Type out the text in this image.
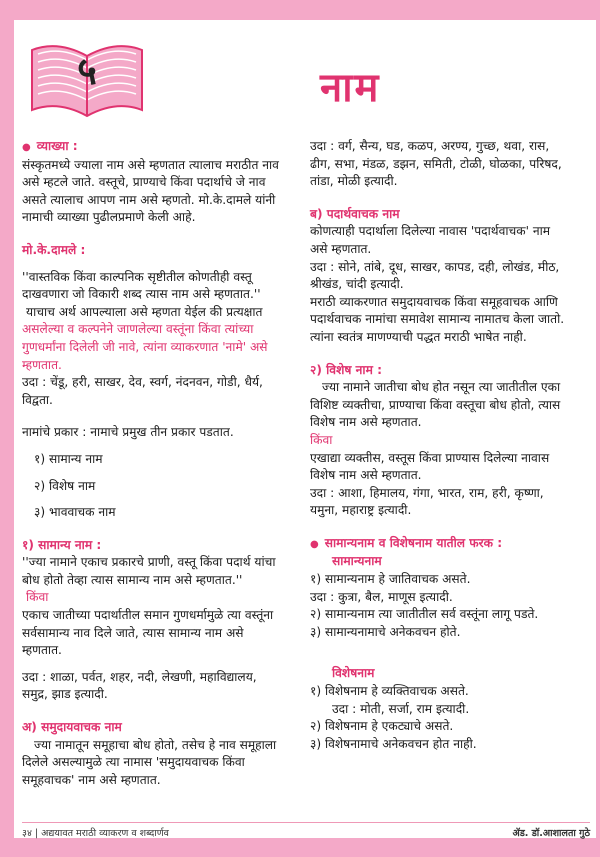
५	नाम

● व्याख्या :

संस्कृतमध्ये ज्याला नाम असे म्हणतात त्यालाच मराठीत नाव

असे म्हटले जाते. वस्तूचे, प्राण्याचे किंवा पदार्थाचे जे नाव

असते त्यालाच आपण नाम असे म्हणतो. मो.के.दामले यांनी

नामाची व्याख्या पुढीलप्रमाणे केली आहे.

मो.के.दामले :

''वास्तविक किंवा काल्पनिक सृष्टीतील कोणतीही वस्तू

दाखवणारा जो विकारी शब्द त्यास नाम असे म्हणतात.''

याचाच अर्थ आपल्याला असे म्हणता येईल की प्रत्यक्षात

असलेल्या व कल्पनेने जाणलेल्या वस्तूंना किंवा त्यांच्या

गुणधर्मांना दिलेली जी नावे, त्यांना व्याकरणात 'नामे' असे

म्हणतात.

उदा : चेंडू, हरी, साखर, देव, स्वर्ग, नंदनवन, गोडी, धैर्य,

विद्वता.

नामांचे प्रकार : नामाचे प्रमुख तीन प्रकार पडतात.

१) सामान्य नाम

२) विशेष नाम

३) भाववाचक नाम

१) सामान्य नाम :

''ज्या नामाने एकाच प्रकारचे प्राणी, वस्तू किंवा पदार्थ यांचा

बोध होतो तेव्हा त्यास सामान्य नाम असे म्हणतात.''

किंवा

एकाच जातीच्या पदार्थातील समान गुणधर्मामुळे त्या वस्तूंना

सर्वसामान्य नाव दिले जाते, त्यास सामान्य नाम असे

म्हणतात.

उदा : शाळा, पर्वत, शहर, नदी, लेखणी, महाविद्यालय,

समुद्र, झाड इत्यादी.

अ) समुदायवाचक नाम

ज्या नामातून समूहाचा बोध होतो, तसेच हे नाव समूहाला

दिलेले असल्यामुळे त्या नामास 'समुदायवाचक किंवा

समूहवाचक' नाम असे म्हणतात.

उदा : वर्ग, सैन्य, घड, कळप, अरण्य, गुच्छ, थवा, रास,

ढीग, सभा, मंडळ, डझन, समिती, टोळी, घोळका, परिषद,

तांडा, मोळी इत्यादी.

ब) पदार्थवाचक नाम

कोणत्याही पदार्थाला दिलेल्या नावास 'पदार्थवाचक' नाम

असे म्हणतात.

उदा : सोने, तांबे, दूध, साखर, कापड, दही, लोखंड, मीठ,

श्रीखंड, चांदी इत्यादी.

मराठी व्याकरणात समुदायवाचक किंवा समूहवाचक आणि

पदार्थवाचक नामांचा समावेश सामान्य नामातच केला जातो.

त्यांना स्वतंत्र माणण्याची पद्धत मराठी भाषेत नाही.

२) विशेष नाम :

ज्या नामाने जातीचा बोध होत नसून त्या जातीतील एका

विशिष्ट व्यक्तीचा, प्राण्याचा किंवा वस्तूचा बोध होतो, त्यास

विशेष नाम असे म्हणतात.

किंवा

एखाद्या व्यक्तीस, वस्तूस किंवा प्राण्यास दिलेल्या नावास

विशेष नाम असे म्हणतात.

उदा : आशा, हिमालय, गंगा, भारत, राम, हरी, कृष्णा,

यमुना, महाराष्ट्र इत्यादी.

● सामान्यनाम व विशेषनाम यातील फरक :

सामान्यनाम

१) सामान्यनाम हे जातिवाचक असते.

उदा : कुत्रा, बैल, माणूस इत्यादी.

२) सामान्यनाम त्या जातीतील सर्व वस्तूंना लागू पडते.

३) सामान्यनामाचे अनेकवचन होते.

विशेषनाम

१) विशेषनाम हे व्यक्तिवाचक असते.

उदा : मोती, सर्जा, राम इत्यादी.

२) विशेषनाम हे एकट्याचे असते.

३) विशेषनामाचे अनेकवचन होत नाही.

३४ | अद्ययावत मराठी व्याकरण व शब्दार्णव	ॲड. डॉ.आशालता गुठे
